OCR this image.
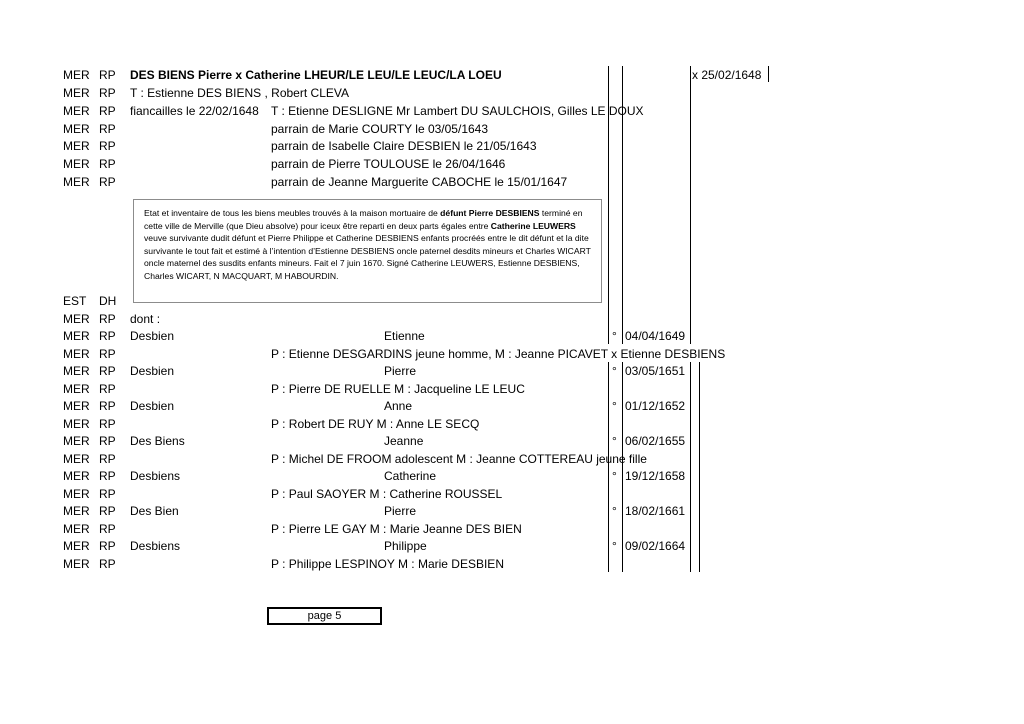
MER RP DES BIENS Pierre x Catherine LHEUR/LE LEU/LE LEUC/LA LOEU	x 25/02/1648
MER RP T : Estienne DES BIENS , Robert CLEVA
MER RP fiancailles le 22/02/1648 T : Etienne DESLIGNE Mr Lambert DU SAULCHOIS, Gilles LE DOUX
MER RP	parrain de Marie COURTY le 03/05/1643
MER RP	parrain de Isabelle Claire DESBIEN le 21/05/1643
MER RP	parrain de Pierre TOULOUSE le 26/04/1646
MER RP	parrain de Jeanne Marguerite CABOCHE le 15/01/1647
Etat et inventaire de tous les biens meubles trouvés à la maison mortuaire de défunt Pierre DESBIENS terminé en cette ville de Merville (que Dieu absolve) pour iceux être reparti en deux parts égales entre Catherine LEUWERS veuve survivante dudit défunt et Pierre Philippe et Catherine DESBIENS enfants procréés entre le dit défunt et la dite survivante le tout fait et estimé à l’intention d’Estienne DESBIENS oncle paternel desdits mineurs et Charles WICART oncle maternel des susdits enfants mineurs. Fait el 7 juin 1670. Signé Catherine LEUWERS, Estienne DESBIENS, Charles WICART, N MACQUART, M HABOURDIN.
EST DH
MER RP dont :
MER RP Desbien	Etienne	° 04/04/1649
MER RP	P : Etienne DESGARDINS jeune homme, M : Jeanne PICAVET x Etienne DESBIENS
MER RP Desbien	Pierre	° 03/05/1651
MER RP	P : Pierre DE RUELLE M : Jacqueline LE LEUC
MER RP Desbien	Anne	° 01/12/1652
MER RP	P : Robert DE RUY M : Anne LE SECQ
MER RP Des Biens	Jeanne	° 06/02/1655
MER RP	P : Michel DE FROOM adolescent M : Jeanne COTTEREAU jeune fille
MER RP Desbiens	Catherine	° 19/12/1658
MER RP	P : Paul SAOYER M : Catherine ROUSSEL
MER RP Des Bien	Pierre	° 18/02/1661
MER RP	P : Pierre LE GAY M : Marie Jeanne DES BIEN
MER RP Desbiens	Philippe	° 09/02/1664
MER RP	P : Philippe LESPINOY M : Marie DESBIEN
page 5
